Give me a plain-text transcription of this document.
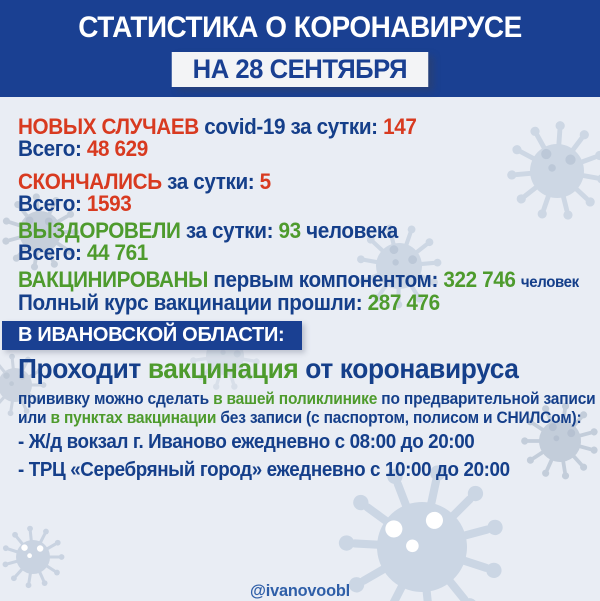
СТАТИСТИКА О КОРОНАВИРУСЕ
НА 28 СЕНТЯБРЯ
НОВЫХ СЛУЧАЕВ covid-19 за сутки: 147
Всего: 48 629
СКОНЧАЛИСЬ за сутки: 5
Всего: 1593
ВЫЗДОРОВЕЛИ за сутки: 93 человека
Всего: 44 761
ВАКЦИНИРОВАНЫ первым компонентом: 322 746 человек
Полный курс вакцинации прошли: 287 476
В ИВАНОВСКОЙ ОБЛАСТИ:
Проходит вакцинация от коронавируса
прививку можно сделать в вашей поликлинике по предварительной записи
или в пунктах вакцинации без записи (с паспортом, полисом и СНИЛСом):
- Ж/д вокзал г. Иваново ежедневно с 08:00 до 20:00
- ТРЦ «Серебряный город» ежедневно с 10:00 до 20:00
@ivanovoobl
